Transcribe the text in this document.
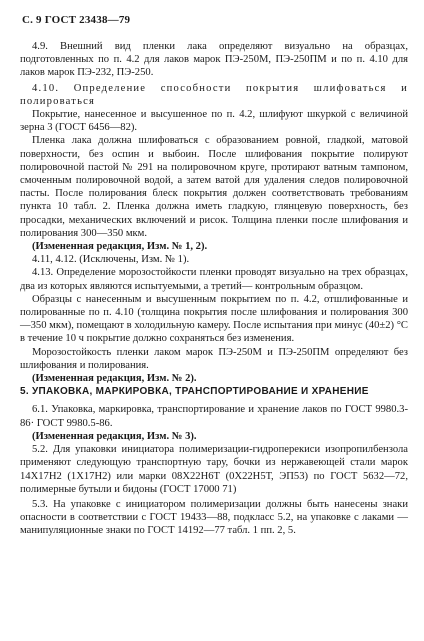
С. 9 ГОСТ 23438—79

4.9. Внешний вид пленки лака определяют визуально на образцах, подготовленных по п. 4.2 для лаков марок ПЭ-250М, ПЭ-250ПМ и по п. 4.10 для лаков марок ПЭ-232, ПЭ-250.

4.10. Определение способности покрытия шлифоваться и полироваться

Покрытие, нанесенное и высушенное по п. 4.2, шлифуют шкуркой с величиной зерна 3 (ГОСТ 6456—82).

Пленка лака должна шлифоваться с образованием ровной, гладкой, матовой поверхности, без оспин и выбоин. После шлифования покрытие полируют полировочной пастой № 291 на полировочном круге, протирают ватным тампоном, смоченным полировочной водой, а затем ватой для удаления следов полировочной пасты. После полирования блеск покрытия должен соответствовать требованиям пункта 10 табл. 2. Пленка должна иметь гладкую, глянцевую поверхность, без просадки, механических включений и рисок. Толщина пленки после шлифования и полирования 300—350 мкм.

(Измененная редакция, Изм. № 1, 2).

4.11, 4.12. (Исключены, Изм. № 1).

4.13. Определение морозостойкости пленки проводят визуально на трех образцах, два из которых являются испытуемыми, а третий— контрольным образцом.

Образцы с нанесенным и высушенным покрытием по п. 4.2, отшлифованные и полированные по п. 4.10 (толщина покрытия после шлифования и полирования 300—350 мкм), помещают в холодильную камеру. После испытания при минус (40±2) °С в течение 10 ч покрытие должно сохраняться без изменения.

Морозостойкость пленки лаком марок ПЭ-250М и ПЭ-250ПМ определяют без шлифования и полирования.

(Измененная редакция, Изм. № 2).

5. УПАКОВКА, МАРКИРОВКА, ТРАНСПОРТИРОВАНИЕ И ХРАНЕНИЕ

6.1. Упаковка, маркировка, транспортирование и хранение лаков по ГОСТ 9980.3-86· ГОСТ 9980.5-86.

(Измененная редакция, Изм. № 3).

5.2. Для упаковки инициатора полимеризации-гидроперекиси изопропилбензола применяют следующую транспортную тару, бочки из нержавеющей стали марок 14Х17Н2 (1Х17Н2) или марки 08Х22Н6Т (0Х22Н5Т, ЭП53) по ГОСТ 5632—72, полимерные бутыли и бидоны (ГОСТ 17000 71)

5.3. На упаковке с инициатором полимеризации должны быть нанесены знаки опасности в соответствии с ГОСТ 19433—88, подкласс 5.2, на упаковке с лаками — манипуляционные знаки по ГОСТ 14192—77 табл. 1 пп. 2, 5.
